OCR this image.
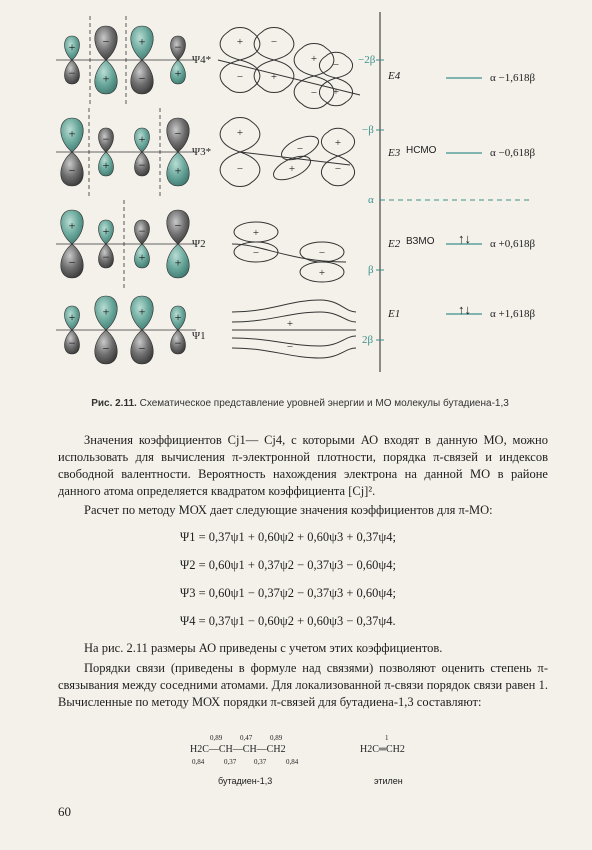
+
−
−
+
+
−
−
+
+
−
−
+
+
−
−
+
+
−
+
−
−
+
−
+
+
−
+
−
+
−
+
−
+
−
−
+
+
−
−
+
+
−
−
+
+
−
+
−	−
+
+
−
−2β
−β
α
β
2β
E4	α −1,618β
E3 НСМО	α −0,618β
E2 ВЗМО ↑↓ α +0,618β
E1	↑↓ α +1,618β
Ψ4*
Ψ3*
Ψ2
Ψ1
Рис. 2.11. Схематическое представление уровней энергии и МО молекулы бутадиена-1,3
Значения коэффициентов Cj1— Cj4, с которыми АО входят в данную МО, можно использовать для вычисления π-электронной плотности, порядка π-связей и индексов свободной валентности. Вероятность нахождения электрона на данной МО в районе данного атома определяется квадратом коэффициента [Cj]².
Расчет по методу МОХ дает следующие значения коэффициентов для π-МО:
Ψ1 = 0,37ψ1 + 0,60ψ2 + 0,60ψ3 + 0,37ψ4;
Ψ2 = 0,60ψ1 + 0,37ψ2 − 0,37ψ3 − 0,60ψ4;
Ψ3 = 0,60ψ1 − 0,37ψ2 − 0,37ψ3 + 0,60ψ4;
Ψ4 = 0,37ψ1 − 0,60ψ2 + 0,60ψ3 − 0,37ψ4.
На рис. 2.11 размеры АО приведены с учетом этих коэффициентов.
Порядки связи (приведены в формуле над связями) позволяют оценить степень π-связывания между соседними атомами. Для локализованной π-связи порядок связи равен 1. Вычисленные по методу МОХ порядки π-связей для бутадиена-1,3 составляют:
0,89	0,47	0,89
H2C—CH—CH—CH2
0,84	0,37	0,37	0,84
бутадиен-1,3
1
H2C═CH2
этилен
60
